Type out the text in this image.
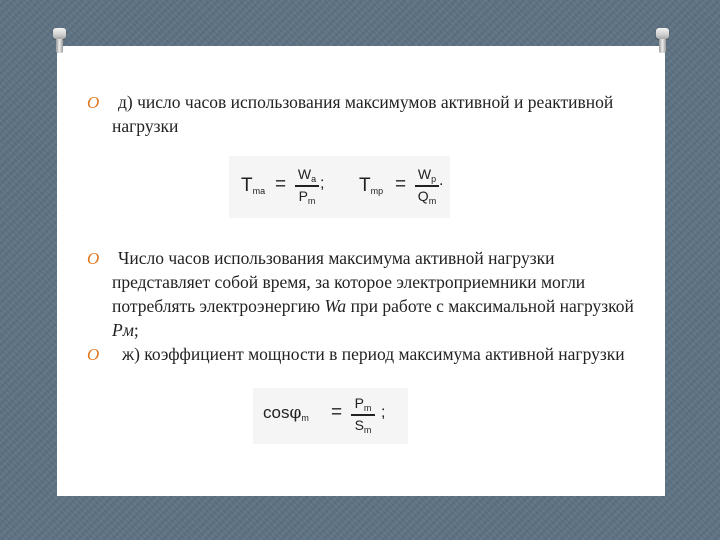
O	д) число часов использования максимумов активной и реактивной нагрузки
Tma = $W_a$
$P_m$
; Tmp = $W_p$
$Q_m$
.
O	Число часов использования максимума активной нагрузки представляет собой время, за которое электроприемники могли потреблять электроэнергию Wa при работе с максимальной нагрузкой Pм;
O	ж) коэффициент мощности в период максимума активной нагрузки
$\cos\varphi m = P_m$
$S_m$
;
